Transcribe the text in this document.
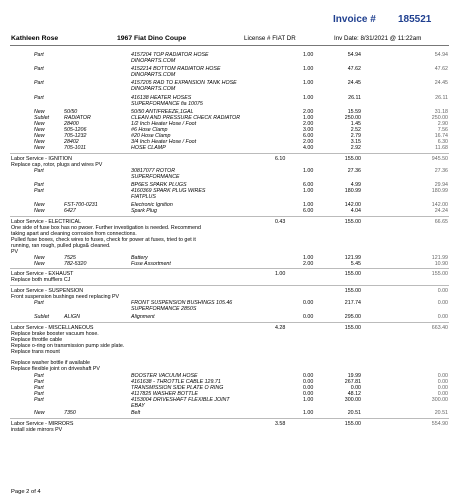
Invoice # 185521
Kathleen Rose	1967 Fiat Dino Coupe	License # FIAT DR	Inv Date: 8/31/2021 @ 11:22am
Part	4157204 TOP RADIATOR HOSE	1.00	54.94	54.94
DINOPARTS.COM
Part	4152214 BOTTOM RADIATOR HOSE	1.00	47.62	47.62
DINOPARTS.COM
Part	4157205 RAD TO EXPANSION TANK HOSE	1.00	24.45	24.45
DINOPARTS.COM
Part	416138 HEATER HOSES	1.00	26.11	26.11
SUPERFORMANCE fia 10075
New	50/50	50/50 ANTIFREEZE,1GAL	2.00	15.59	31.18
Sublet	RADIATOR	CLEAN AND PRESSURE CHECK RADIATOR	1.00	250.00	250.00
New	28400	1/2 Inch Heater Hose / Foot	2.00	1.45	2.90
New	505-1206	#6 Hose Clamp	3.00	2.52	7.56
New	705-1232	#20 Hose Clamp	6.00	2.79	16.74
New	28402	3/4 Inch Heater Hose / Foot	2.00	3.15	6.30
New	705-1011	HOSE CLAMP	4.00	2.92	11.68
Labor Service - IGNITION	6.10	155.00	945.50
Replace cap, rotor, plugs and wires PV
Part	30817077 ROTOR	1.00	27.36	27.36
SUPERFORMANCE
Part	BP6ES SPARK PLUGS	6.00	4.99	29.94
Part	4160369 SPARK PLUG WIRES	1.00	180.99	180.99
FIATPLUS
New	FST-700-0231	Electronic Ignition	1.00	142.00	142.00
New	6427	Spark Plug	6.00	4.04	24.24
Labor Service - ELECTRICAL	0.43	155.00	66.65
One side of fuse box has no pwoer. Further investigation is needed. Recommend
taking apart and cleaning corrosion from connections.
Pulled fuse boxes, check wires to fuses, check for power at fuses, tried to get it
running, ran rough, pulled plugs& cleaned.
PV
New	7525	Battery	1.00	121.99	121.99
New	782-5320	Fuse Assortment	2.00	5.45	10.90
Labor Service - EXHAUST	1.00	155.00	155.00
Replace both mufflers CJ
Labor Service - SUSPENSION	155.00	0.00
Front suspension bushings need replacing PV
Part	FRONT SUSPENSION BUSHINGS 105.46	0.00	217.74	0.00
SUPERFORMANCE 2850S
Sublet	ALIGN	Alignment	0.00	295.00	0.00
Labor Service - MISCELLANEOUS	4.28	155.00	663.40
Replace brake booster vacuum hose.
Replace throttle cable
Replace o-ring on transmission pump side plate.
Replace trans mount
Replace washer bottle if available
Replace flexible joint on driveshaft PV
Part	BOOSTER VACUUM HOSE	0.00	19.99	0.00
Part	4161638 - THROTTLE CABLE 129.71	0.00	267.81	0.00
Part	TRANSMISSION SIDE PLATE O RING	0.00	0.00	0.00
Part	4117825 WASHER BOTTLE	0.00	48.12	0.00
Part	4153004 DRIVESHAFT FLEXIBLE JOINT	1.00	300.00	300.00
EBAY
New	7350	Belt	1.00	20.51	20.51
Labor Service - MIRRORS	3.58	155.00	554.90
install side mirrors PV
Page 2 of 4
